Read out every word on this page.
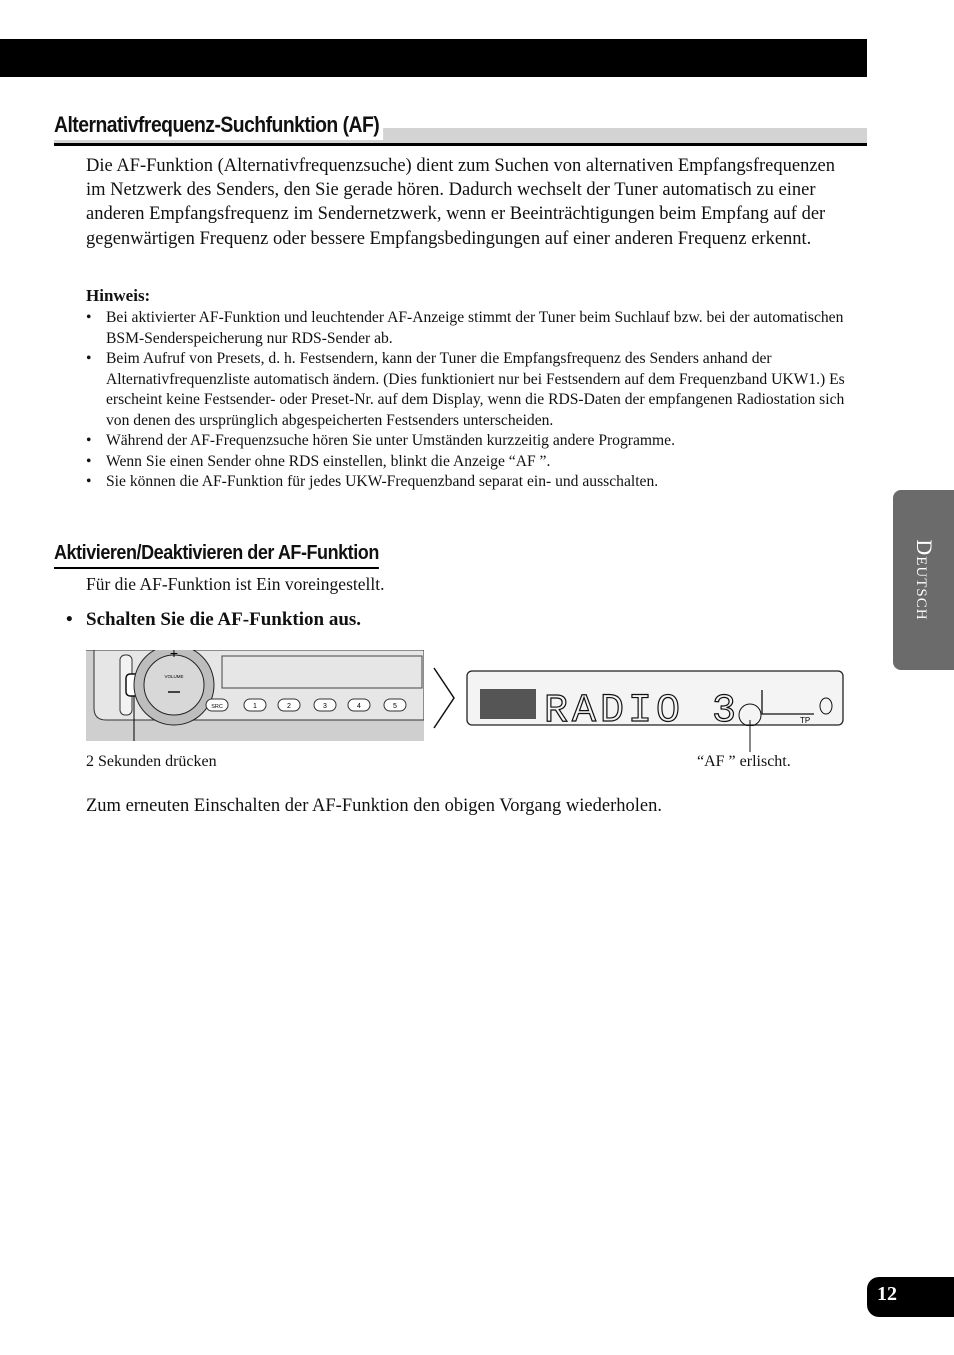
Alternativfrequenz-Suchfunktion (AF)

Die AF-Funktion (Alternativfrequenzsuche) dient zum Suchen von alternativen Empfangsfrequenzen im Netzwerk des Senders, den Sie gerade hören. Dadurch wechselt der Tuner automatisch zu einer anderen Empfangsfrequenz im Sendernetzwerk, wenn er Beeinträchtigungen beim Empfang auf der gegenwärtigen Frequenz oder bessere Empfangsbedingungen auf einer anderen Frequenz erkennt.

Hinweis:
• Bei aktivierter AF-Funktion und leuchtender AF-Anzeige stimmt der Tuner beim Suchlauf bzw. bei der automatischen BSM-Senderspeicherung nur RDS-Sender ab.
• Beim Aufruf von Presets, d. h. Festsendern, kann der Tuner die Empfangsfrequenz des Senders anhand der Alternativfrequenzliste automatisch ändern. (Dies funktioniert nur bei Festsendern auf dem Frequenzband UKW1.) Es erscheint keine Festsender- oder Preset-Nr. auf dem Display, wenn die RDS-Daten der empfangenen Radiostation sich von denen des ursprünglich abgespeicherten Festsenders unterscheiden.
• Während der AF-Frequenzsuche hören Sie unter Umständen kurzzeitig andere Programme.
• Wenn Sie einen Sender ohne RDS einstellen, blinkt die Anzeige “AF ”.
• Sie können die AF-Funktion für jedes UKW-Frequenzband separat ein- und ausschalten.
Aktivieren/Deaktivieren der AF-Funktion
Für die AF-Funktion ist Ein voreingestellt.
• Schalten Sie die AF-Funktion aus.
+
VOLUME
SRC	1	2	3	4	5	RADIO 3	TP
2 Sekunden drücken	“AF ” erlischt.
Zum erneuten Einschalten der AF-Funktion den obigen Vorgang wiederholen.
Deutsch
12
